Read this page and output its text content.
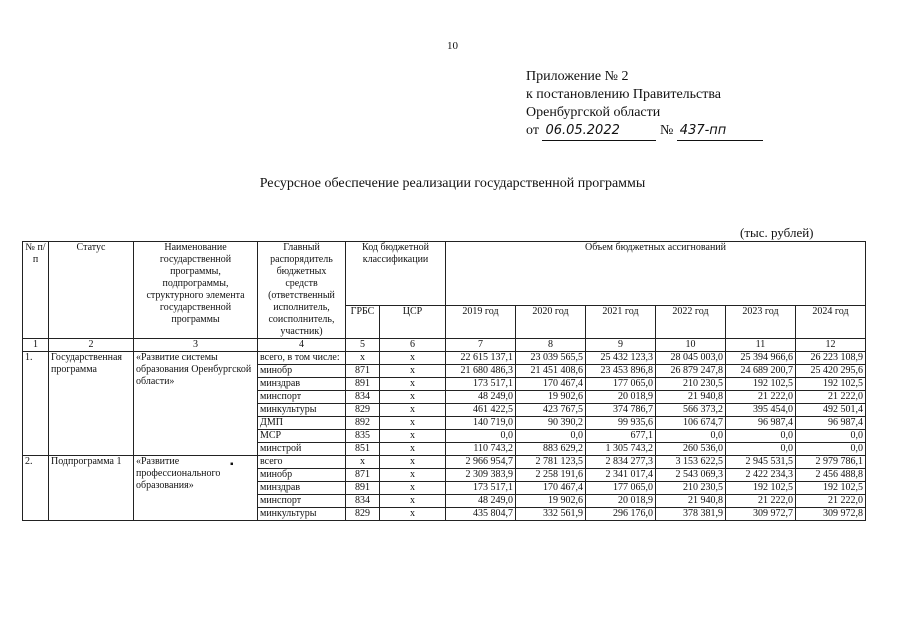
10
Приложение № 2
к постановлению Правительства
Оренбургской области
от 06.05.2022	№ 437-пп
Ресурсное обеспечение реализации государственной программы
(тыс. рублей)
№ п/п	Статус	Наименование государственной программы, подпрограммы, структурного элемента государственной программы	Главный распорядитель бюджетных средств (ответственный исполнитель, соисполнитель, участник)	Код бюджетной классификации		Объем бюджетных ассигнований					
				ГРБС	ЦСР	2019 год	2020 год	2021 год	2022 год	2023 год	2024 год
1	2	3	4	5	6	7	8	9	10	11	12
1.	Государственная программа	«Развитие системы образования Оренбургской области»	всего, в том числе:	х	х	22 615 137,1	23 039 565,5	25 432 123,3	28 045 003,0	25 394 966,6	26 223 108,9
			минобр	871	х	21 680 486,3	21 451 408,6	23 453 896,8	26 879 247,8	24 689 200,7	25 420 295,6
			минздрав	891	х	173 517,1	170 467,4	177 065,0	210 230,5	192 102,5	192 102,5
			минспорт	834	х	48 249,0	19 902,6	20 018,9	21 940,8	21 222,0	21 222,0
			минкультуры	829	х	461 422,5	423 767,5	374 786,7	566 373,2	395 454,0	492 501,4
			ДМП	892	х	140 719,0	90 390,2	99 935,6	106 674,7	96 987,4	96 987,4
			МСР	835	х	0,0	0,0	677,1	0,0	0,0	0,0
			минстрой	851	х	110 743,2	883 629,2	1 305 743,2	260 536,0	0,0	0,0
2.	Подпрограмма 1	«Развитие профессионального образования»	всего	х	х	2 966 954,7	2 781 123,5	2 834 277,3	3 153 622,5	2 945 531,5	2 979 786,1
			минобр	871	х	2 309 383,9	2 258 191,6	2 341 017,4	2 543 069,3	2 422 234,3	2 456 488,8
			минздрав	891	х	173 517,1	170 467,4	177 065,0	210 230,5	192 102,5	192 102,5
			минспорт	834	х	48 249,0	19 902,6	20 018,9	21 940,8	21 222,0	21 222,0
			минкультуры	829	х	435 804,7	332 561,9	296 176,0	378 381,9	309 972,7	309 972,8
▪
